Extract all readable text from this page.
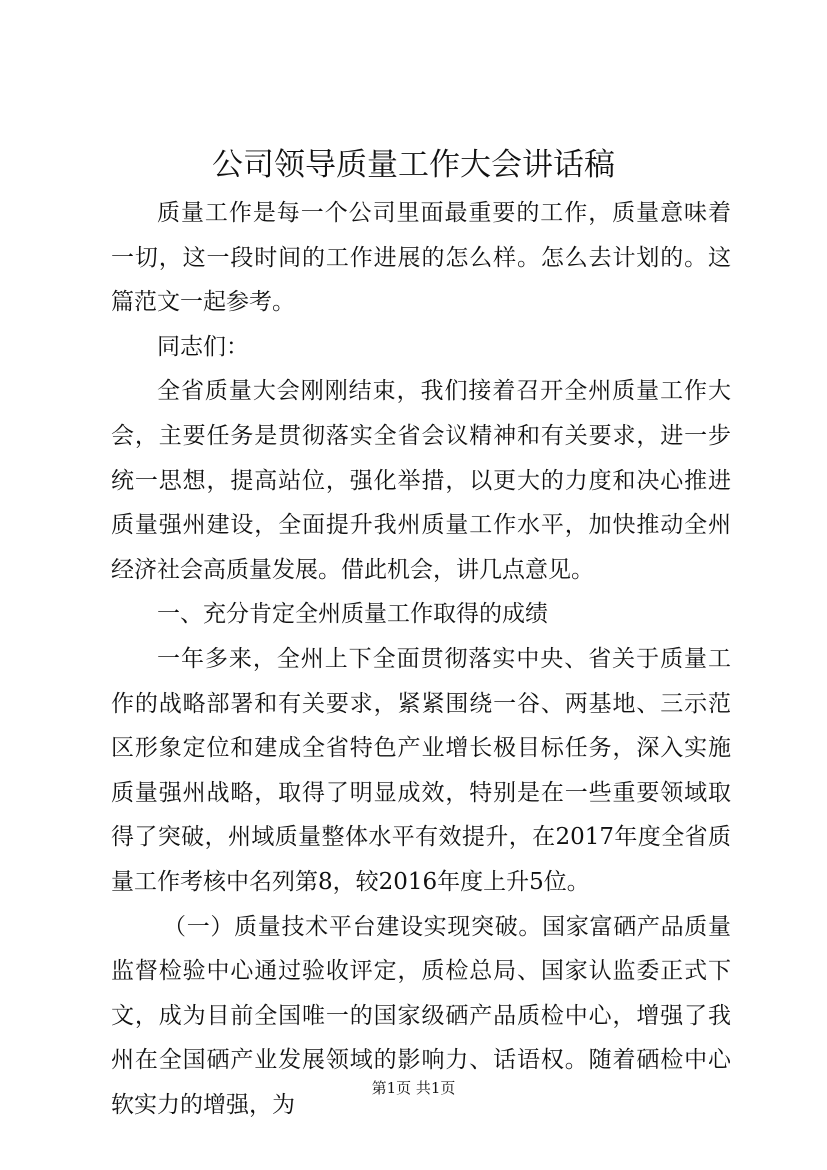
公司领导质量工作大会讲话稿

质量工作是每一个公司里面最重要的工作，质量意味着一切，这一段时间的工作进展的怎么样。怎么去计划的。这篇范文一起参考。

同志们：

全省质量大会刚刚结束，我们接着召开全州质量工作大会，主要任务是贯彻落实全省会议精神和有关要求，进一步统一思想，提高站位，强化举措，以更大的力度和决心推进质量强州建设，全面提升我州质量工作水平，加快推动全州经济社会高质量发展。借此机会，讲几点意见。

一、充分肯定全州质量工作取得的成绩

一年多来，全州上下全面贯彻落实中央、省关于质量工作的战略部署和有关要求，紧紧围绕一谷、两基地、三示范区形象定位和建成全省特色产业增长极目标任务，深入实施质量强州战略，取得了明显成效，特别是在一些重要领域取得了突破，州域质量整体水平有效提升，在2017年度全省质量工作考核中名列第8，较2016年度上升5位。

（一）质量技术平台建设实现突破。国家富硒产品质量监督检验中心通过验收评定，质检总局、国家认监委正式下文，成为目前全国唯一的国家级硒产品质检中心，增强了我州在全国硒产业发展领域的影响力、话语权。随着硒检中心软实力的增强，为

第1页 共1页
